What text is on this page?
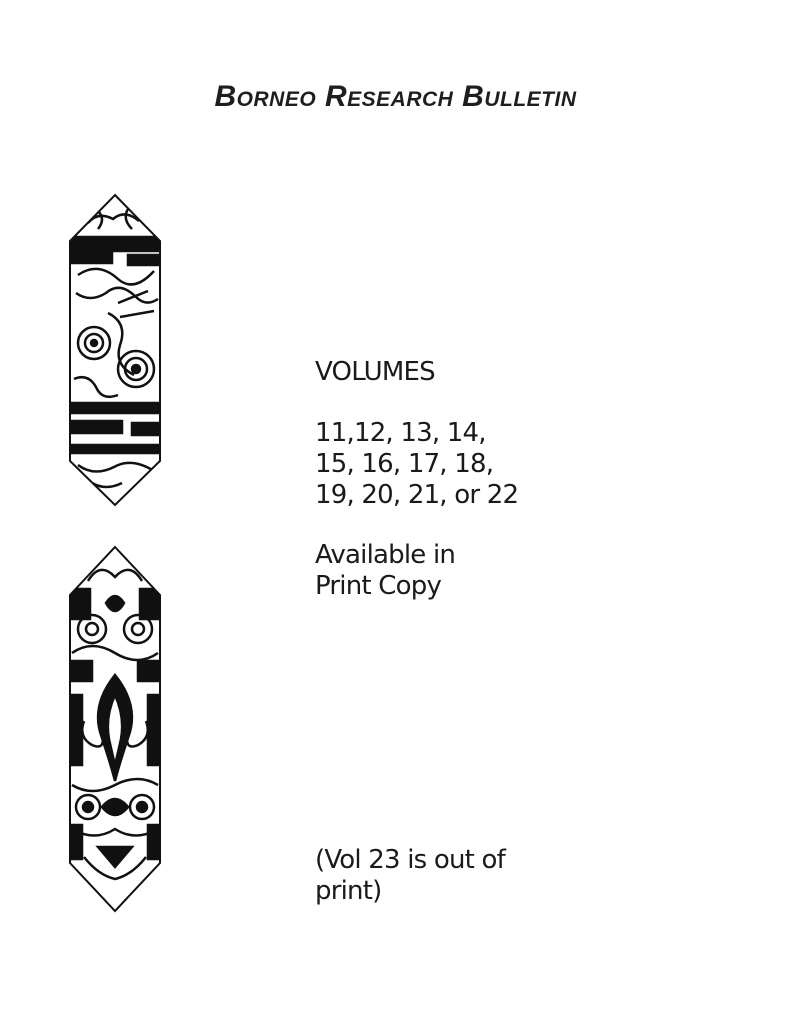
Borneo Research Bulletin

VOLUMES

11,12, 13, 14,
15, 16, 17, 18,
19, 20, 21, or 22

Available in
Print Copy

(Vol 23 is out of
print)
